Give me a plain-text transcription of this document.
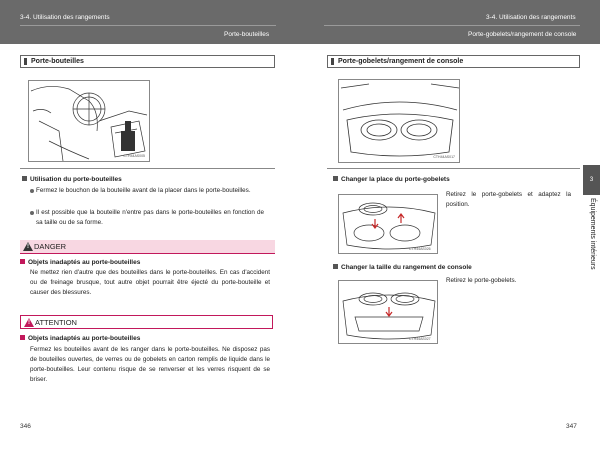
3-4. Utilisation des rangements
Porte-bouteilles
3-4. Utilisation des rangements
Porte-gobelets/rangement de console
Porte-bouteilles
CTH44AS005
Utilisation du porte-bouteilles
Fermez le bouchon de la bouteille avant de la placer dans le porte-bouteilles.
Il est possible que la bouteille n'entre pas dans le porte-bouteilles en fonction de sa taille ou de sa forme.
! DANGER
Objets inadaptés au porte-bouteilles
Ne mettez rien d'autre que des bouteilles dans le porte-bouteilles. En cas d'accident ou de freinage brusque, tout autre objet pourrait être éjecté du porte-bouteille et causer des blessures.
! ATTENTION
Objets inadaptés au porte-bouteilles
Fermez les bouteilles avant de les ranger dans le porte-bouteilles. Ne disposez pas de bouteilles ouvertes, de verres ou de gobelets en carton remplis de liquide dans le porte-bouteilles. Leur contenu risque de se renverser et les verres risquent de se briser.
346
Porte-gobelets/rangement de console
CTH44AS017
Changer la place du porte-gobelets
CTH44AS026
Retirez le porte-gobelets et adaptez la position.
Changer la taille du rangement de console
CTH44AS027
Retirez le porte-gobelets.
3
Équipements intérieurs
347
